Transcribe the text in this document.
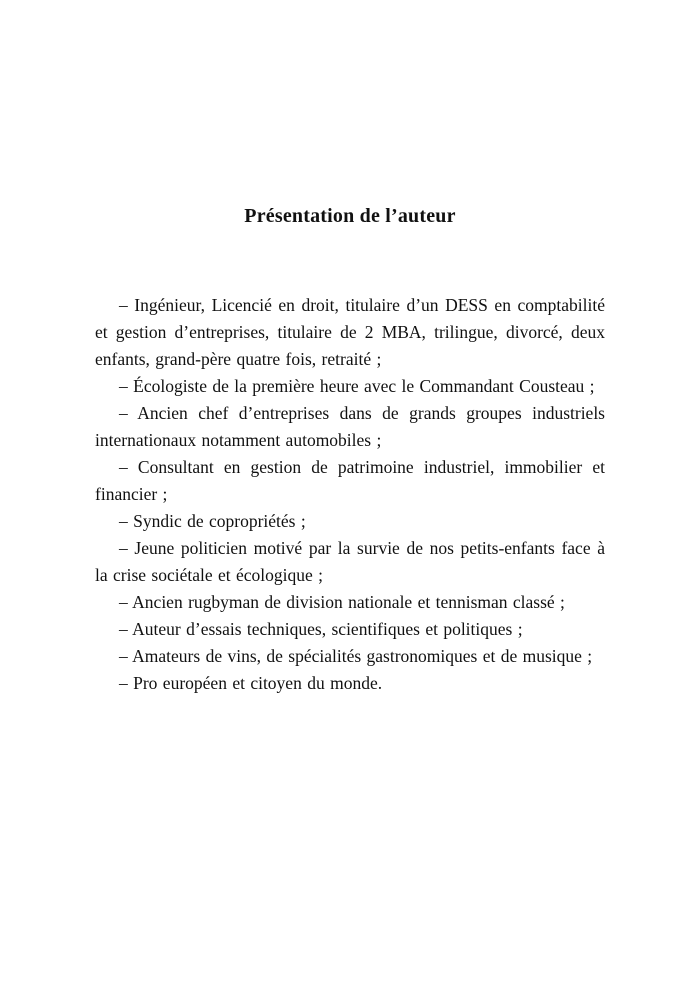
Présentation de l’auteur

– Ingénieur, Licencié en droit, titulaire d’un DESS en comptabilité et gestion d’entreprises, titulaire de 2 MBA, trilingue, divorcé, deux enfants, grand-père quatre fois, retraité ;

– Écologiste de la première heure avec le Commandant Cousteau ;

– Ancien chef d’entreprises dans de grands groupes industriels internationaux notamment automobiles ;

– Consultant en gestion de patrimoine industriel, immobilier et financier ;

– Syndic de copropriétés ;

– Jeune politicien motivé par la survie de nos petits-enfants face à la crise sociétale et écologique ;

– Ancien rugbyman de division nationale et tennisman classé ;

– Auteur d’essais techniques, scientifiques et politiques ;

– Amateurs de vins, de spécialités gastronomiques et de musique ;

– Pro européen et citoyen du monde.
